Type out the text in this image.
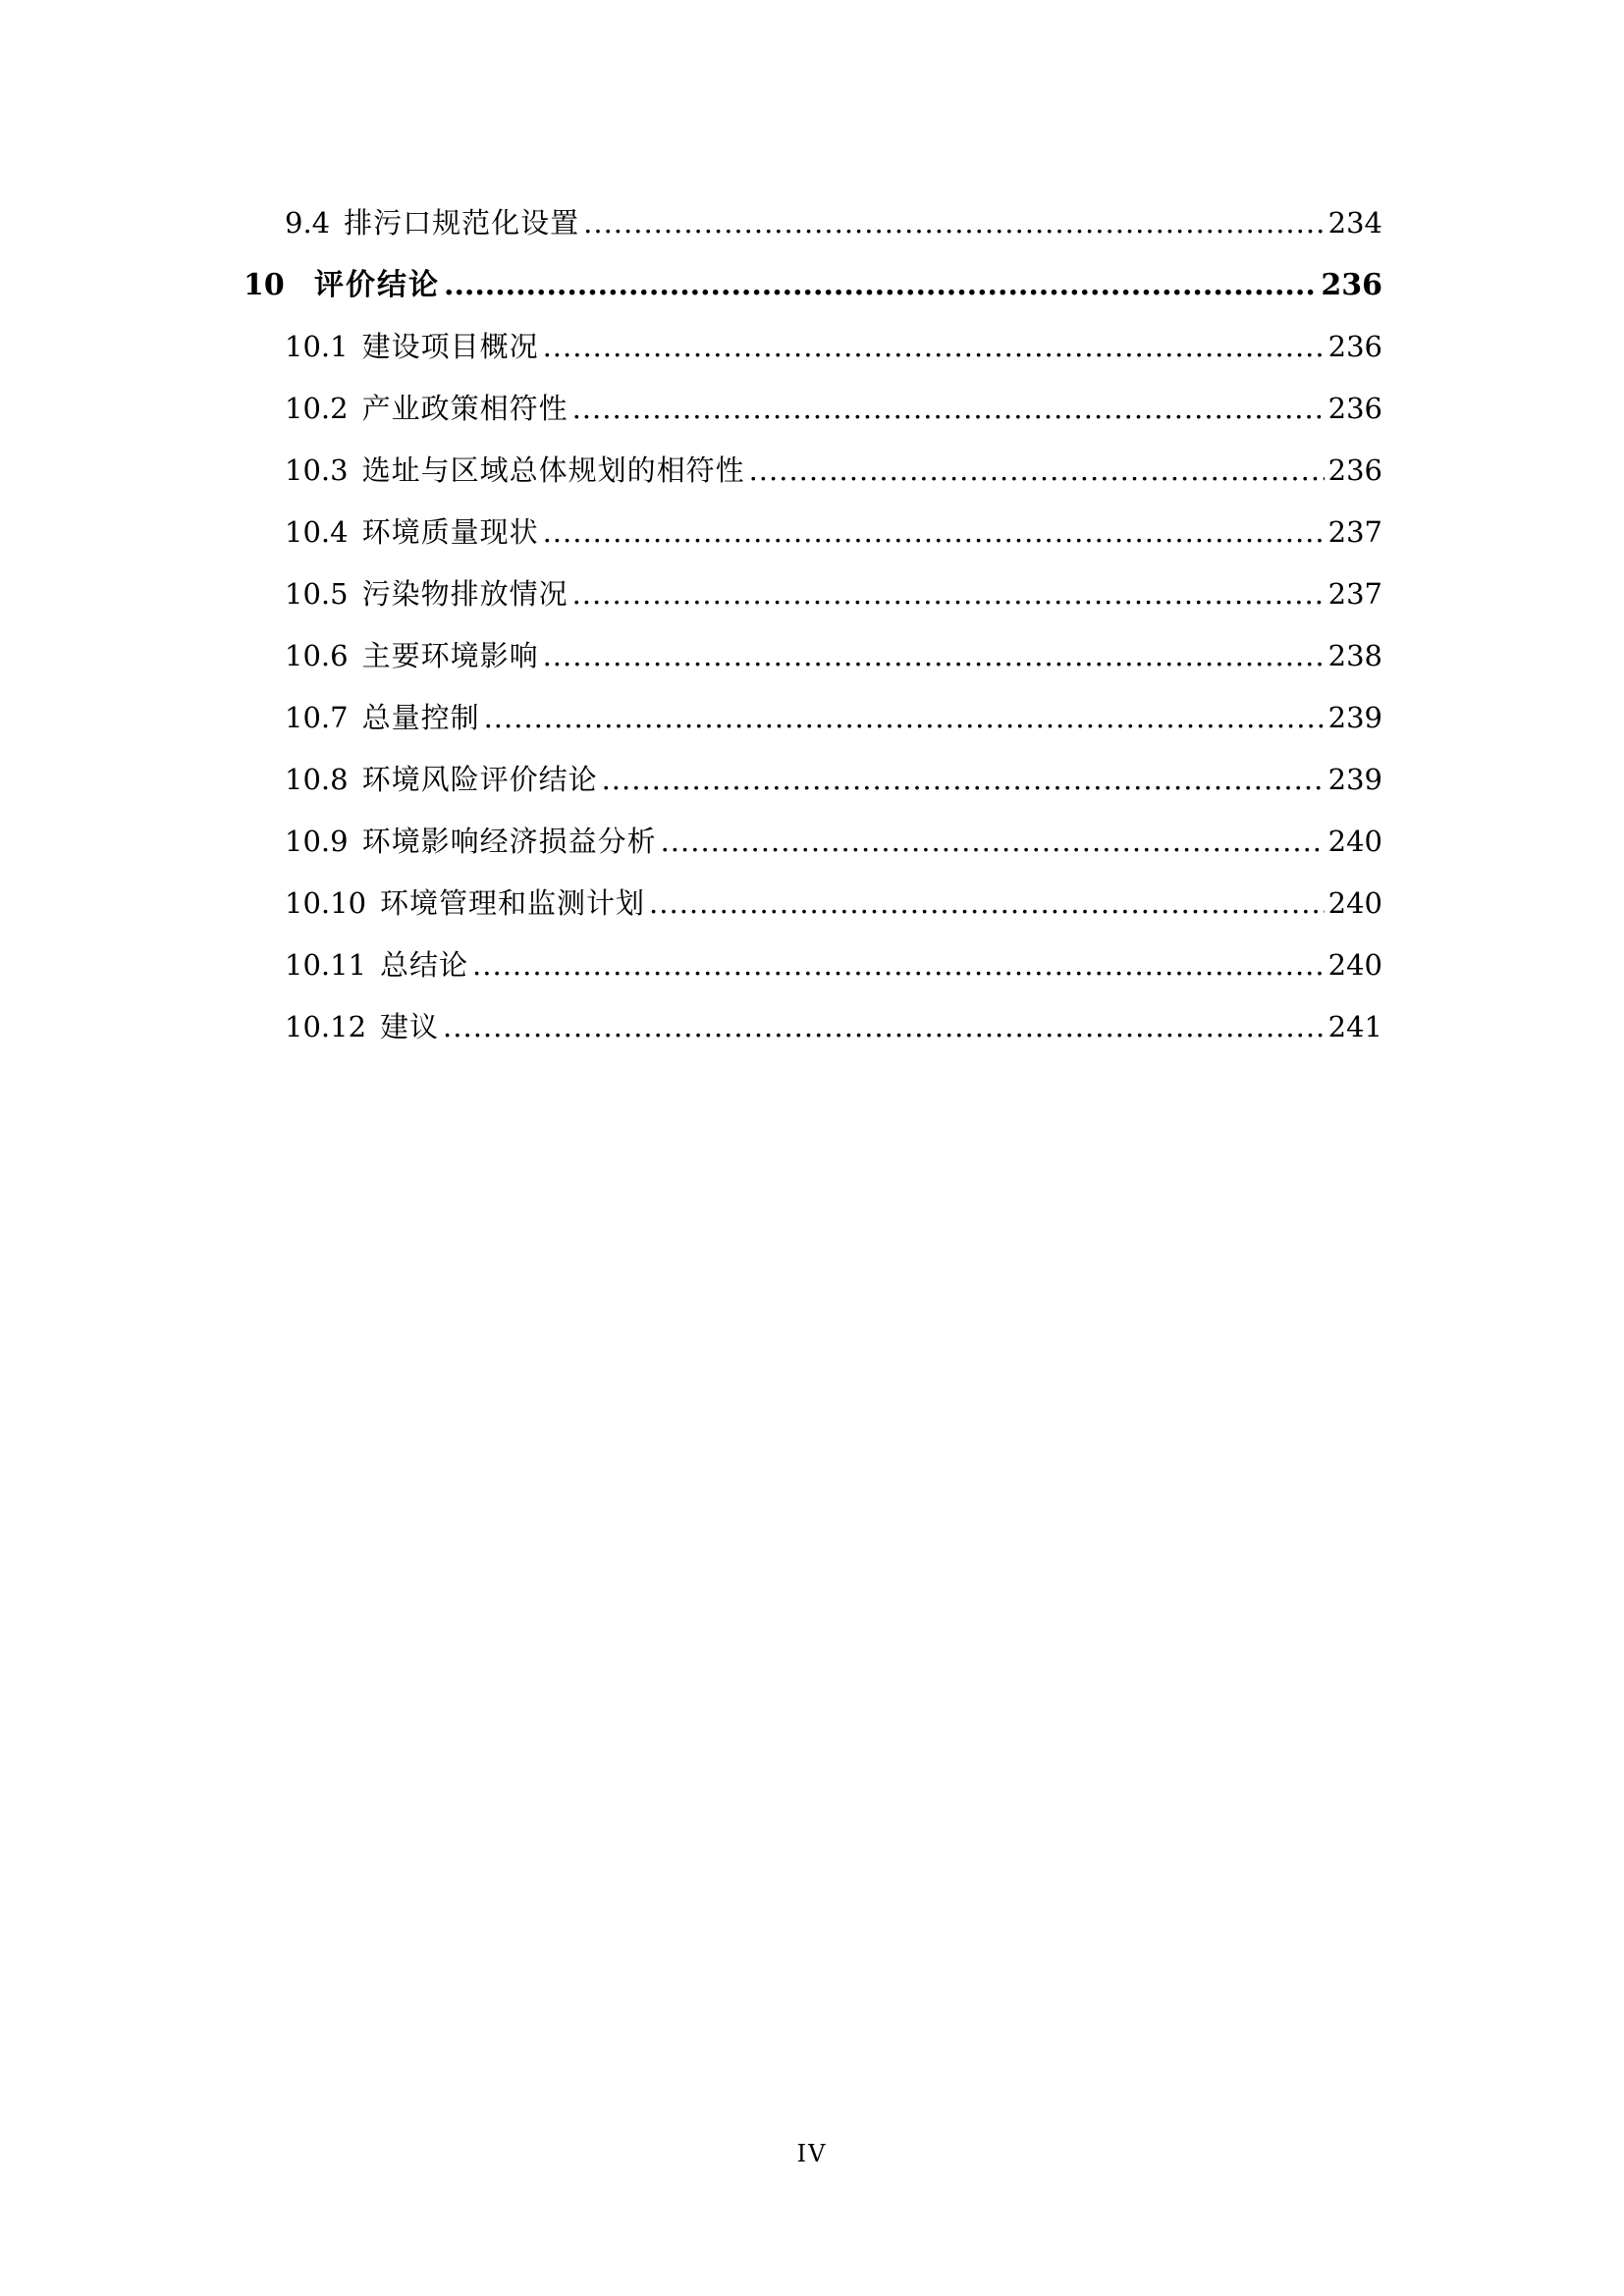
9.4 排污口规范化设置 .....	234
10	评价结论 .....	236
10.1 建设项目概况 .....	236
10.2 产业政策相符性 .....	236
10.3 选址与区域总体规划的相符性 .....	236
10.4 环境质量现状 .....	237
10.5 污染物排放情况 .....	237
10.6 主要环境影响 .....	238
10.7 总量控制 .....	239
10.8 环境风险评价结论 .....	239
10.9 环境影响经济损益分析 .....	240
10.10 环境管理和监测计划 .....	240
10.11 总结论 .....	240
10.12 建议 .....	241
IV
